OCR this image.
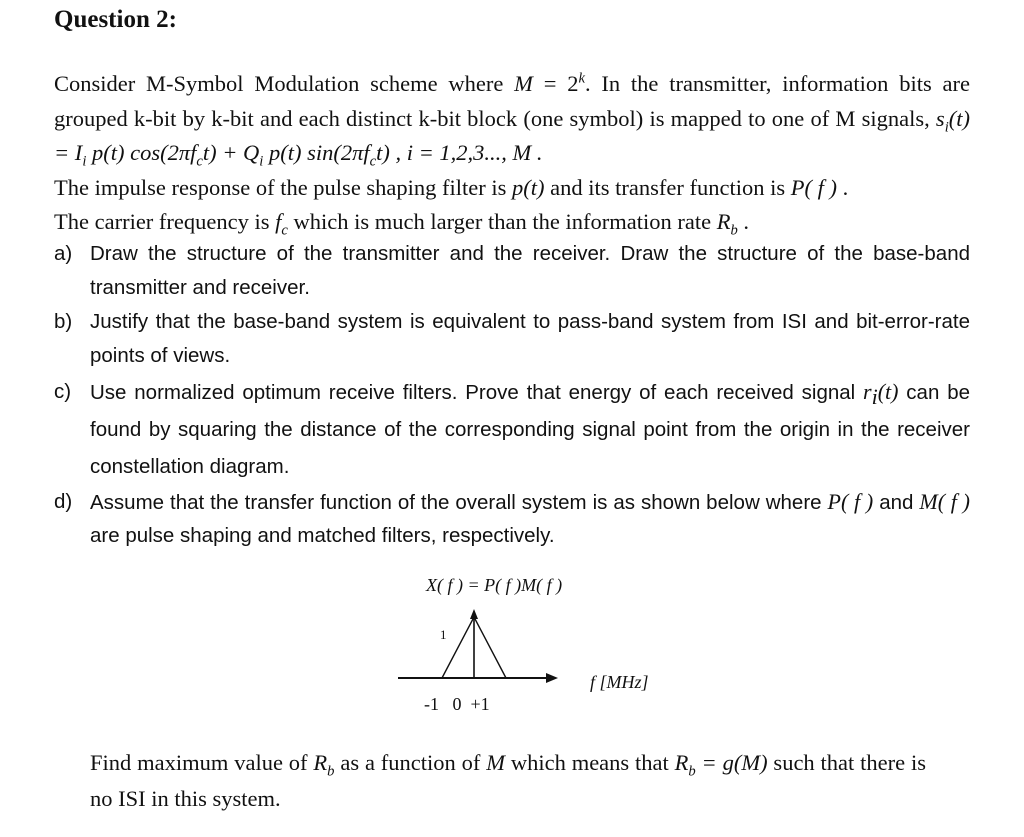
Question 2:

Consider M-Symbol Modulation scheme where $M = 2^k$. In the transmitter, information bits are grouped k-bit by k-bit and each distinct k-bit block (one symbol) is mapped to one of M signals, $s_i(t) = I_i$ p(t) $\cos(2\pi f_ct) + Q_i$ p(t) $\sin(2\pi f_ct)$ , i = 1,2,3..., M .

The impulse response of the pulse shaping filter is p(t) and its transfer function is P( f ) .

The carrier frequency is $f_c$ which is much larger than the information rate $R_b$ .

a) Draw the structure of the transmitter and the receiver. Draw the structure of the base-band transmitter and receiver.

b) Justify that the base-band system is equivalent to pass-band system from ISI and bit-error-rate points of views.

c) Use normalized optimum receive filters. Prove that energy of each received signal $r_i(t)$ can be found by squaring the distance of the corresponding signal point from the origin in the receiver constellation diagram.

d) Assume that the transfer function of the overall system is as shown below where P( f ) and M( f ) are pulse shaping and matched filters, respectively.

X( f ) = P( f )M( f )
1
f [MHz]
-1   0  +1

Find maximum value of $R_b$ as a function of M which means that $R_b = g(M)$ such that there is no ISI in this system.
